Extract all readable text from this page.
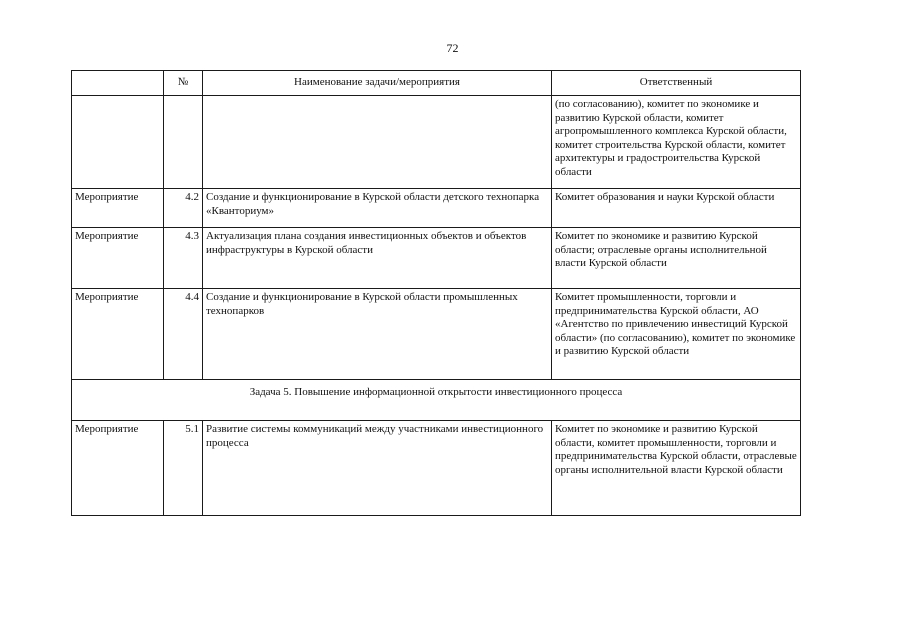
72
	№	Наименование задачи/мероприятия	Ответственный
			(по согласованию), комитет по экономике и развитию Курской области, комитет агропромышленного комплекса Курской области, комитет строительства Курской области, комитет архитектуры и градостроительства Курской области
Мероприятие	4.2	Создание и функционирование в Курской области детского технопарка «Кванториум»	Комитет образования и науки Курской области
Мероприятие	4.3	Актуализация плана создания инвестиционных объектов и объектов инфраструктуры в Курской области	Комитет по экономике и развитию Курской области; отраслевые органы исполнительной власти Курской области
Мероприятие	4.4	Создание и функционирование в Курской области промышленных технопарков	Комитет промышленности, торговли и предпринимательства Курской области, АО «Агентство по привлечению инвестиций Курской области» (по согласованию), комитет по экономике и развитию Курской области
Задача 5. Повышение информационной открытости инвестиционного процесса			
Мероприятие	5.1	Развитие системы коммуникаций между участниками инвестиционного процесса	Комитет по экономике и развитию Курской области, комитет промышленности, торговли и предпринимательства Курской области, отраслевые органы исполнительной власти Курской области
